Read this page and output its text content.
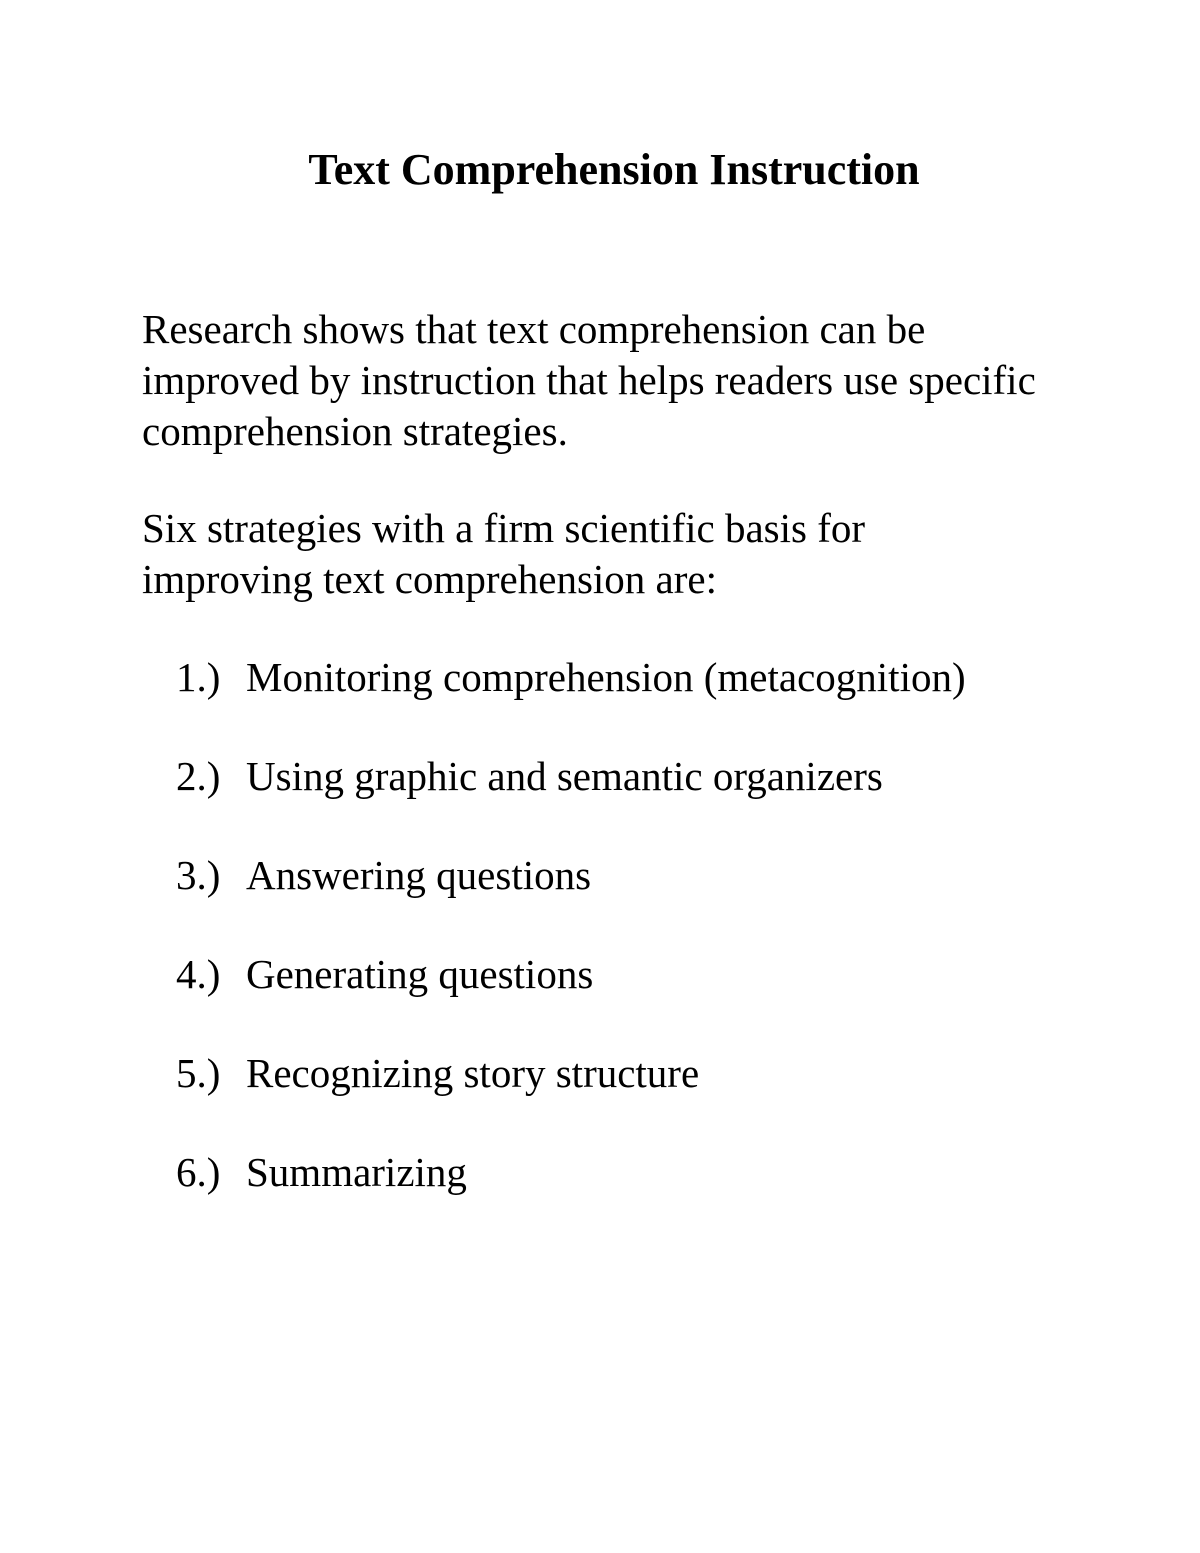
Text Comprehension Instruction

Research shows that text comprehension can be
improved by instruction that helps readers use specific
comprehension strategies.

Six strategies with a firm scientific basis for
improving text comprehension are:

1.) Monitoring comprehension (metacognition)
2.) Using graphic and semantic organizers
3.) Answering questions
4.) Generating questions
5.) Recognizing story structure
6.) Summarizing
